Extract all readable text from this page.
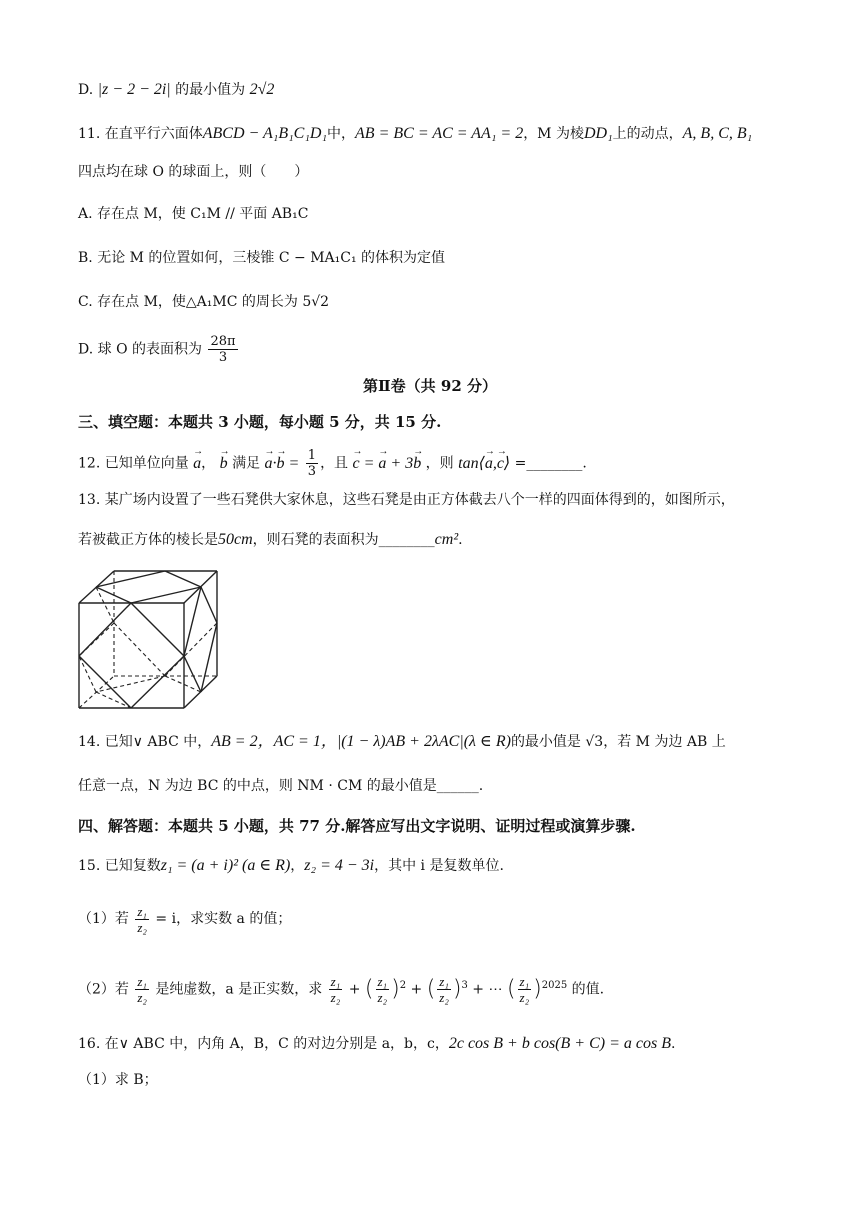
D. |z − 2 − 2i| 的最小值为 2√2
11. 在直平行六面体ABCD − A₁B₁C₁D₁中，AB = BC = AC = AA₁ = 2，M 为棱DD₁上的动点，A, B, C, B₁
四点均在球 O 的球面上，则（　　）
A. 存在点 M，使 C₁M // 平面 AB₁C
B. 无论 M 的位置如何，三棱锥 C − MA₁C₁ 的体积为定值
C. 存在点 M，使△A₁MC 的周长为 5√2
D. 球 O 的表面积为 $\frac{28\pi}{3}$
第Ⅱ卷（共 92 分）
三、填空题：本题共 3 小题，每小题 5 分，共 15 分.
12. 已知单位向量 → a， → b 满足 → $a\cdot\to b = \frac{1}{3}$ ，且 → c = → a + 3→ b ，则 tan⟨→ a,→ c⟩ =________.
13. 某广场内设置了一些石凳供大家休息，这些石凳是由正方体截去八个一样的四面体得到的，如图所示，
若被截正方体的棱长是50cm，则石凳的表面积为________cm².
14. 已知∨ ABC 中，AB = 2，AC = 1，|(1 − λ)AB + 2λAC|(λ ∈ R)的最小值是 √3，若 M 为边 AB 上
任意一点，N 为边 BC 的中点，则 NM · CM 的最小值是______.
四、解答题：本题共 5 小题，共 77 分.解答应写出文字说明、证明过程或演算步骤.
15. 已知复数z₁ = (a + i)² (a ∈ R)，z₂ = 4 − 3i，其中 i 是复数单位.
（1）若 $\frac{\text{z₁}}{\text{z₂}} = i$，求实数 a 的值；
（2）若 $\frac{\text{z₁}}{\text{z₂}}$ 是纯虚数，a 是正实数，求 $\frac{\text{z₁}}{\text{z₂}}$ + ( $\frac{\text{z₁}}{\text{z₂}} )^2$ + ( $\frac{\text{z₁}}{\text{z₂}} )^3$ + ⋯ ( $\frac{\text{z₁}}{\text{z₂}} )^{2025}$ 的值.
16. 在∨ ABC 中，内角 A，B，C 的对边分别是 a，b，c，2c cos B + b cos(B + C) = a cos B.
（1）求 B；
